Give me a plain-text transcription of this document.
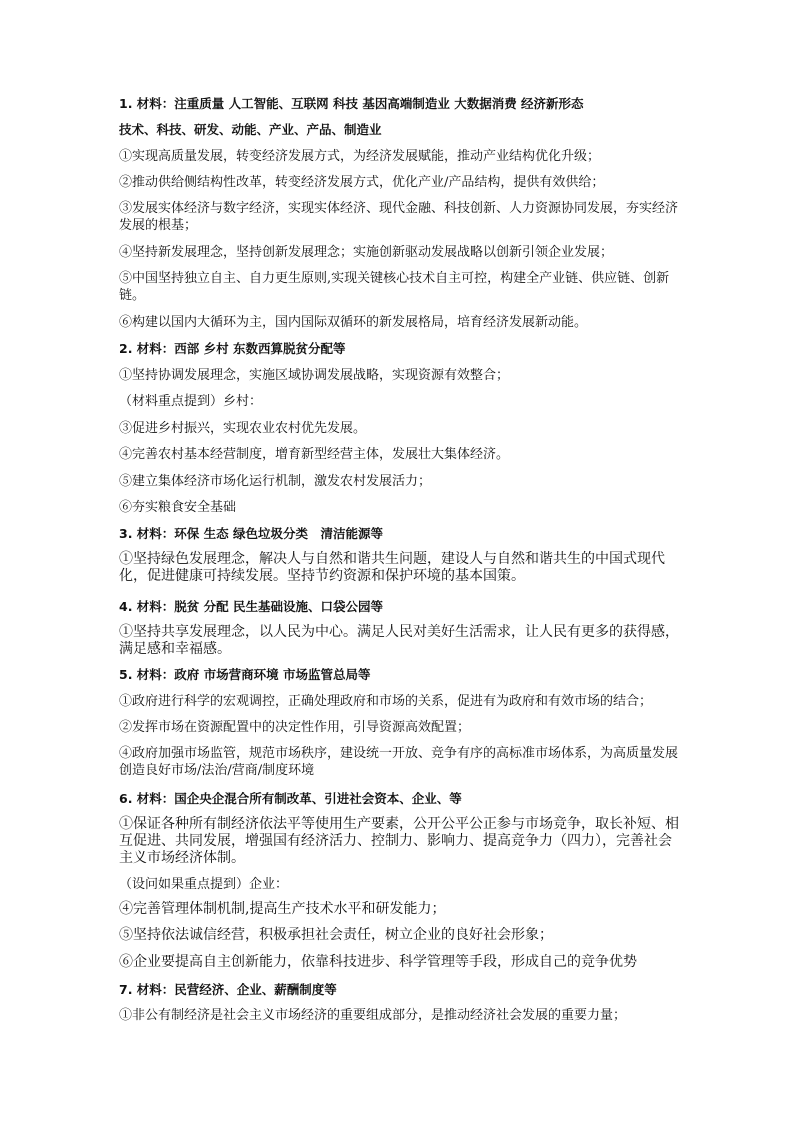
1. 材料：注重质量 人工智能、互联网 科技 基因高端制造业 大数据消费 经济新形态
技术、科技、研发、动能、产业、产品、制造业
①实现高质量发展，转变经济发展方式，为经济发展赋能，推动产业结构优化升级；
②推动供给侧结构性改革，转变经济发展方式，优化产业/产品结构，提供有效供给；
③发展实体经济与数字经济，实现实体经济、现代金融、科技创新、人力资源协同发展，夯实经济发展的根基；
④坚持新发展理念，坚持创新发展理念；实施创新驱动发展战略以创新引领企业发展；
⑤中国坚持独立自主、自力更生原则,实现关键核心技术自主可控，构建全产业链、供应链、创新链。
⑥构建以国内大循环为主，国内国际双循环的新发展格局，培育经济发展新动能。
2. 材料：西部 乡村 东数西算脱贫分配等
①坚持协调发展理念，实施区域协调发展战略，实现资源有效整合；
（材料重点提到）乡村：
③促进乡村振兴，实现农业农村优先发展。
④完善农村基本经营制度，增育新型经营主体，发展壮大集体经济。
⑤建立集体经济市场化运行机制，激发农村发展活力；
⑥夯实粮食安全基础
3. 材料：环保 生态 绿色垃圾分类　清洁能源等
①坚持绿色发展理念，解决人与自然和谐共生问题，建设人与自然和谐共生的中国式现代化，促进健康可持续发展。坚持节约资源和保护环境的基本国策。
4. 材料：脱贫 分配 民生基础设施、口袋公园等
①坚持共享发展理念，以人民为中心。满足人民对美好生活需求，让人民有更多的获得感，满足感和幸福感。
5. 材料：政府 市场营商环境 市场监管总局等
①政府进行科学的宏观调控，正确处理政府和市场的关系，促进有为政府和有效市场的结合；
②发挥市场在资源配置中的决定性作用，引导资源高效配置；
④政府加强市场监管，规范市场秩序，建设统一开放、竞争有序的高标准市场体系，为高质量发展创造良好市场/法治/营商/制度环境
6. 材料：国企央企混合所有制改革、引进社会资本、企业、等
①保证各种所有制经济依法平等使用生产要素，公开公平公正参与市场竞争，取长补短、相互促进、共同发展，增强国有经济活力、控制力、影响力、提高竞争力（四力），完善社会主义市场经济体制。
（设问如果重点提到）企业：
④完善管理体制机制,提高生产技术水平和研发能力；
⑤坚持依法诚信经营，积极承担社会责任，树立企业的良好社会形象；
⑥企业要提高自主创新能力，依靠科技进步、科学管理等手段，形成自己的竞争优势
7. 材料：民营经济、企业、薪酬制度等
①非公有制经济是社会主义市场经济的重要组成部分，是推动经济社会发展的重要力量；
